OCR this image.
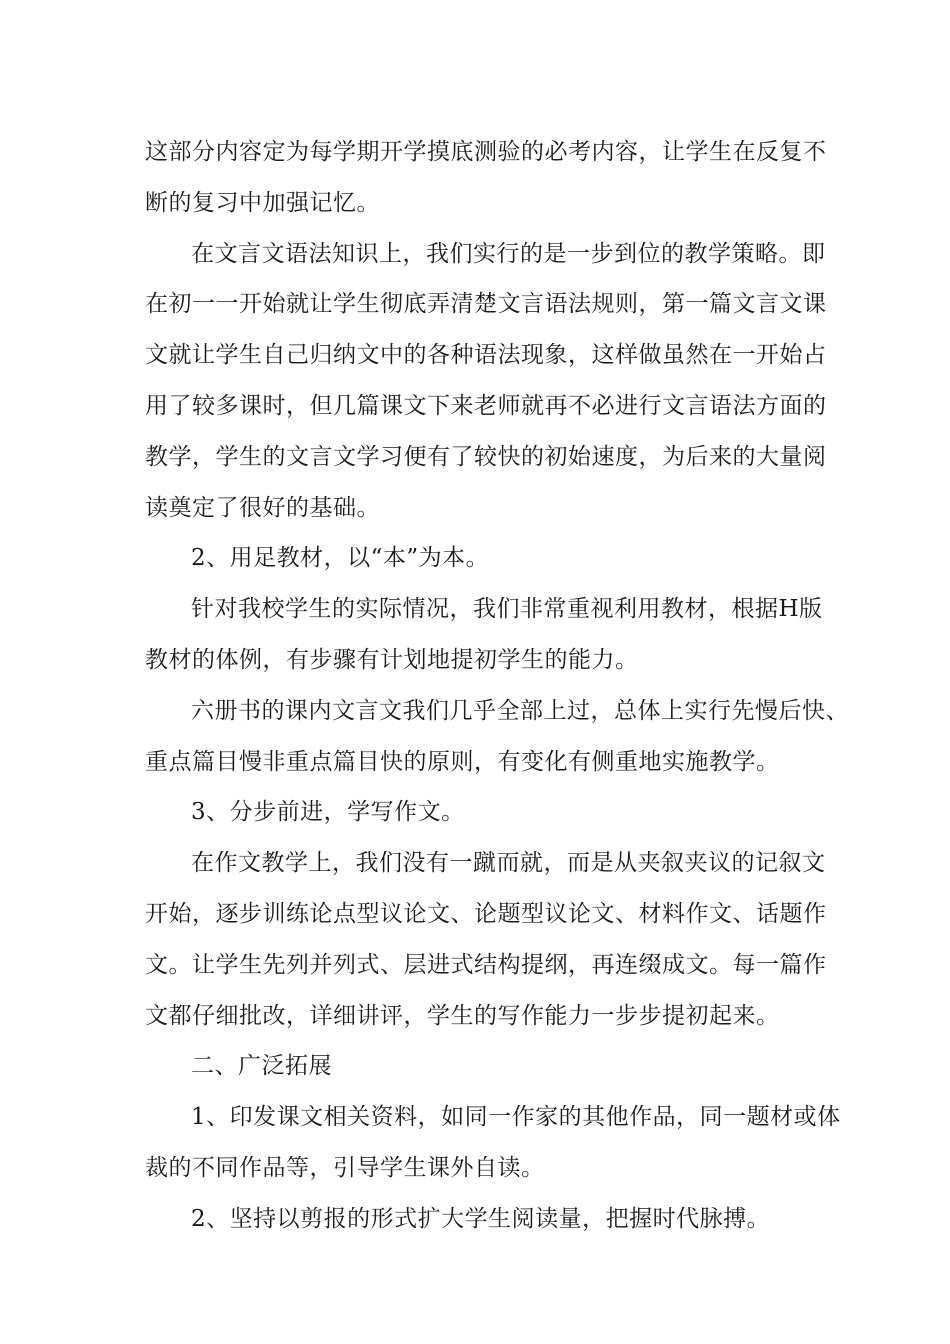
这部分内容定为每学期开学摸底测验的必考内容，让学生在反复不
断的复习中加强记忆。
在文言文语法知识上，我们实行的是一步到位的教学策略。即
在初一一开始就让学生彻底弄清楚文言语法规则，第一篇文言文课
文就让学生自己归纳文中的各种语法现象，这样做虽然在一开始占
用了较多课时，但几篇课文下来老师就再不必进行文言语法方面的
教学，学生的文言文学习便有了较快的初始速度，为后来的大量阅
读奠定了很好的基础。
2、用足教材，以“本”为本。
针对我校学生的实际情况，我们非常重视利用教材，根据H版
教材的体例，有步骤有计划地提初学生的能力。
六册书的课内文言文我们几乎全部上过，总体上实行先慢后快、
重点篇目慢非重点篇目快的原则，有变化有侧重地实施教学。
3、分步前进，学写作文。
在作文教学上，我们没有一蹴而就，而是从夹叙夹议的记叙文
开始，逐步训练论点型议论文、论题型议论文、材料作文、话题作
文。让学生先列并列式、层进式结构提纲，再连缀成文。每一篇作
文都仔细批改，详细讲评，学生的写作能力一步步提初起来。
二、广泛拓展
1、印发课文相关资料，如同一作家的其他作品，同一题材或体
裁的不同作品等，引导学生课外自读。
2、坚持以剪报的形式扩大学生阅读量，把握时代脉搏。
